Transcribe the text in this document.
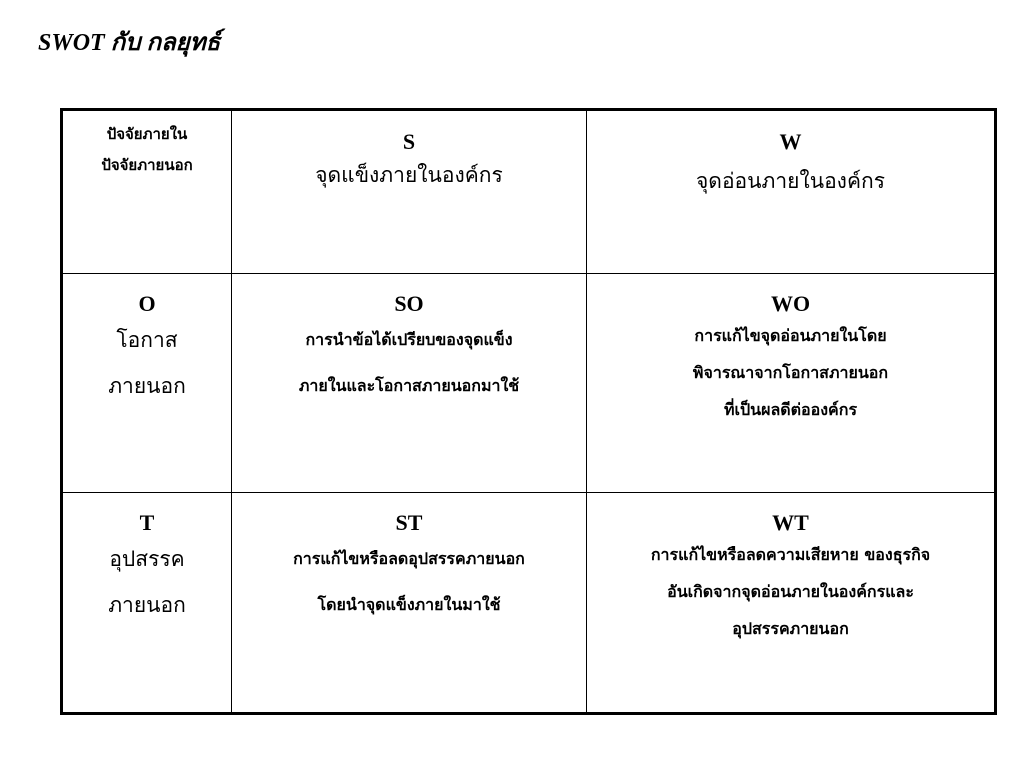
SWOT กับ กลยุทธ์
ปัจจัยภายใน
ปัจจัยภายนอก
S
จุดแข็งภายในองค์กร
W
จุดอ่อนภายในองค์กร
O
โอกาส
ภายนอก
SO
การนำข้อได้เปรียบของจุดแข็ง
ภายในและโอกาสภายนอกมาใช้
WO
การแก้ไขจุดอ่อนภายในโดย
พิจารณาจากโอกาสภายนอก
ที่เป็นผลดีต่อองค์กร
T
อุปสรรค
ภายนอก
ST
การแก้ไขหรือลดอุปสรรคภายนอก
โดยนำจุดแข็งภายในมาใช้
WT
การแก้ไขหรือลดความเสียหาย ของธุรกิจ
อันเกิดจากจุดอ่อนภายในองค์กรและ
อุปสรรคภายนอก
